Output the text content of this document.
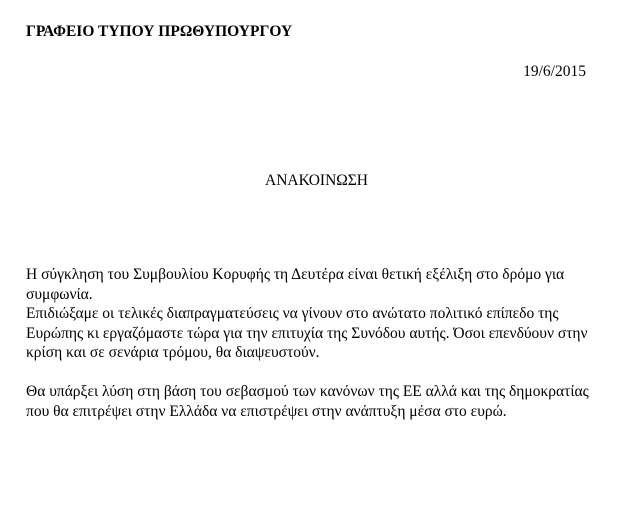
ΓΡΑΦΕΙΟ ΤΥΠΟΥ ΠΡΩΘΥΠΟΥΡΓΟΥ
19/6/2015
ΑΝΑΚΟΙΝΩΣΗ

Η σύγκληση του Συμβουλίου Κορυφής τη Δευτέρα είναι θετική εξέλιξη στο δρόμο για συμφωνία.

Επιδιώξαμε οι τελικές διαπραγματεύσεις να γίνουν στο ανώτατο πολιτικό επίπεδο της Ευρώπης κι εργαζόμαστε τώρα για την επιτυχία της Συνόδου αυτής. Όσοι επενδύουν στην κρίση και σε σενάρια τρόμου, θα διαψευστούν.

Θα υπάρξει λύση στη βάση του σεβασμού των κανόνων της ΕΕ αλλά και της δημοκρατίας που θα επιτρέψει στην Ελλάδα να επιστρέψει στην ανάπτυξη μέσα στο ευρώ.
